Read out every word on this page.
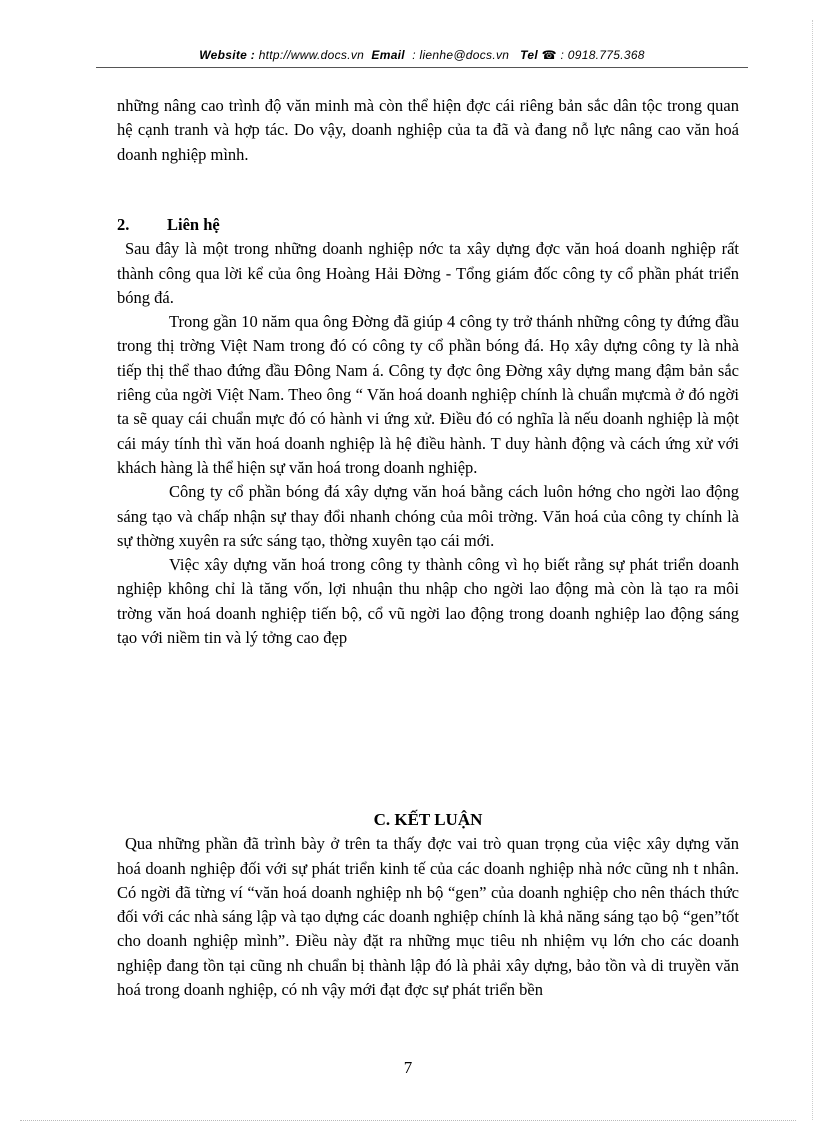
Website : http://www.docs.vn Email : lienhe@docs.vn Tel ☎ : 0918.775.368

những nâng cao trình độ văn minh mà còn thể hiện đợc cái riêng bản sắc dân tộc trong quan hệ cạnh tranh và hợp tác. Do vậy, doanh nghiệp của ta đã và đang nỗ lực nâng cao văn hoá doanh nghiệp mình.

2.	Liên hệ

Sau đây là một trong những doanh nghiệp nớc ta xây dựng đợc văn hoá doanh nghiệp rất thành công qua lời kể của ông Hoàng Hải Đờng - Tổng giám đốc công ty cổ phần phát triển bóng đá.

Trong gần 10 năm qua ông Đờng đã giúp 4 công ty trở thánh những công ty đứng đầu trong thị trờng Việt Nam trong đó có công ty cổ phần bóng đá. Họ xây dựng công ty là nhà tiếp thị thể thao đứng đầu Đông Nam á. Công ty đợc ông Đờng xây dựng mang đậm bản sắc riêng của ngời Việt Nam. Theo ông “ Văn hoá doanh nghiệp chính là chuẩn mựcmà ở đó ngời ta sẽ quay cái chuẩn mực đó có hành vi ứng xử. Điều đó có nghĩa là nếu doanh nghiệp là một cái máy tính thì văn hoá doanh nghiệp là hệ điều hành. T duy hành động và cách ứng xử với khách hàng là thể hiện sự văn hoá trong doanh nghiệp.

Công ty cổ phần bóng đá xây dựng văn hoá bằng cách luôn hớng cho ngời lao động sáng tạo và chấp nhận sự thay đổi nhanh chóng của môi trờng. Văn hoá của công ty chính là sự thờng xuyên ra sức sáng tạo, thờng xuyên tạo cái mới.

Việc xây dựng văn hoá trong công ty thành công vì họ biết rằng sự phát triển doanh nghiệp không chỉ là tăng vốn, lợi nhuận thu nhập cho ngời lao động mà còn là tạo ra môi trờng văn hoá doanh nghiệp tiến bộ, cổ vũ ngời lao động trong doanh nghiệp lao động sáng tạo với niềm tin và lý tởng cao đẹp

C. KẾT LUẬN

Qua những phần đã trình bày ở trên ta thấy đợc vai trò quan trọng của việc xây dựng văn hoá doanh nghiệp đối với sự phát triển kinh tế của các doanh nghiệp nhà nớc cũng nh t nhân. Có ngời đã từng ví “văn hoá doanh nghiệp nh bộ “gen” của doanh nghiệp cho nên thách thức đối với các nhà sáng lập và tạo dựng các doanh nghiệp chính là khả năng sáng tạo bộ “gen”tốt cho doanh nghiệp mình”. Điều này đặt ra những mục tiêu nh nhiệm vụ lớn cho các doanh nghiệp đang tồn tại cũng nh chuẩn bị thành lập đó là phải xây dựng, bảo tồn và di truyền văn hoá trong doanh nghiệp, có nh vậy mới đạt đợc sự phát triển bền

7
